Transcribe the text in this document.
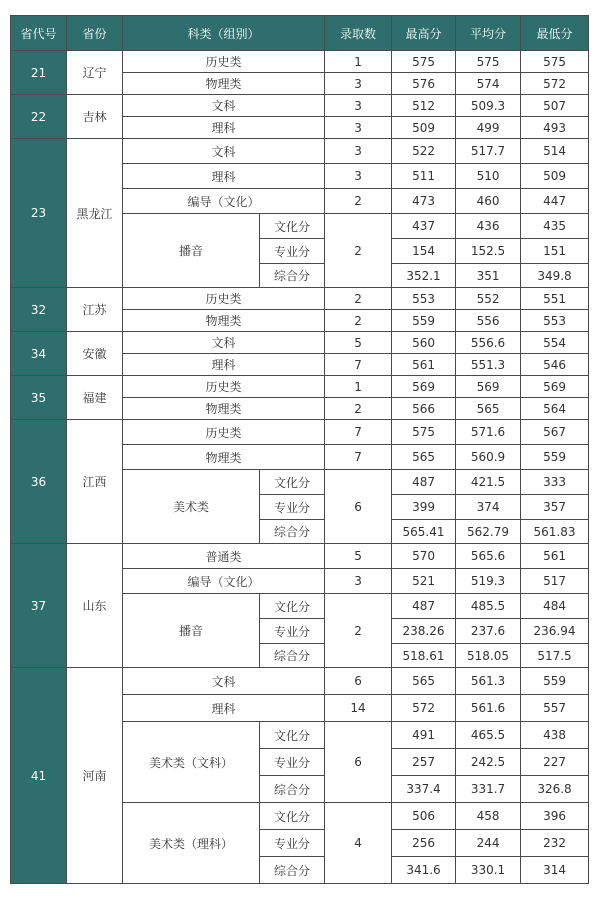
省代号	省份	科类（组别）		录取数	最高分	平均分	最低分
21	辽宁	历史类		1	575	575	575
		物理类		3	576	574	572
22	吉林	文科		3	512	509.3	507
		理科		3	509	499	493
23	黑龙江	文科		3	522	517.7	514
		理科		3	511	510	509
		编导（文化）		2	473	460	447
		播音	文化分	2	437	436	435
			专业分		154	152.5	151
			综合分		352.1	351	349.8
32	江苏	历史类		2	553	552	551
		物理类		2	559	556	553
34	安徽	文科		5	560	556.6	554
		理科		7	561	551.3	546
35	福建	历史类		1	569	569	569
		物理类		2	566	565	564
36	江西	历史类		7	575	571.6	567
		物理类		7	565	560.9	559
		美术类	文化分	6	487	421.5	333
			专业分		399	374	357
			综合分		565.41	562.79	561.83
37	山东	普通类		5	570	565.6	561
		编导（文化）		3	521	519.3	517
		播音	文化分	2	487	485.5	484
			专业分		238.26	237.6	236.94
			综合分		518.61	518.05	517.5
41	河南	文科		6	565	561.3	559
		理科		14	572	561.6	557
		美术类（文科）	文化分	6	491	465.5	438
			专业分		257	242.5	227
			综合分		337.4	331.7	326.8
		美术类（理科）	文化分	4	506	458	396
			专业分		256	244	232
			综合分		341.6	330.1	314
